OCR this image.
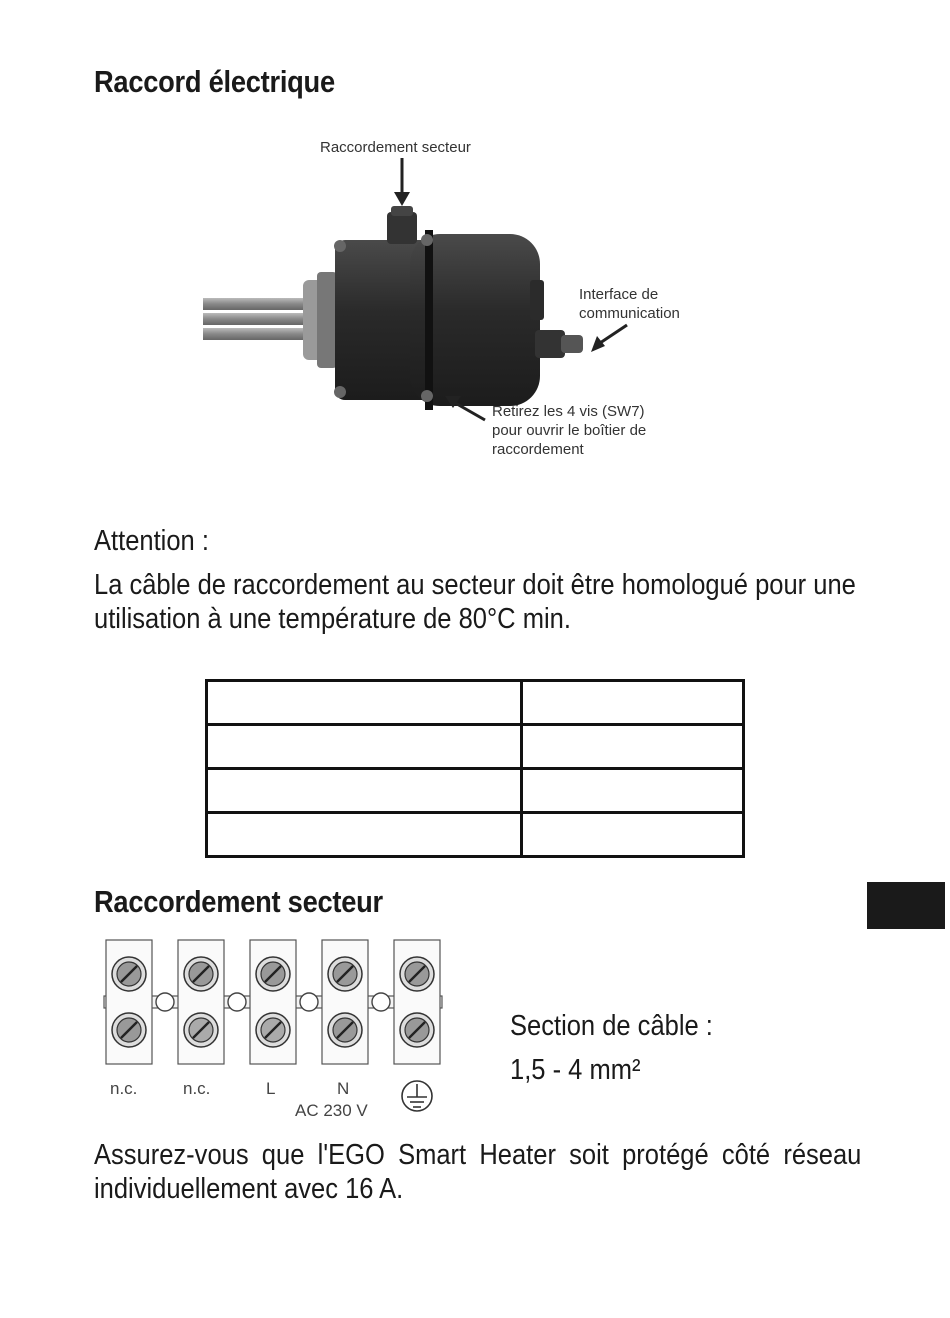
Raccord électrique
Raccordement secteur
Interface de
communication
Retirez les 4 vis (SW7)
pour ouvrir le boîtier de
raccordement

Attention :

La câble de raccordement au secteur doit être homologué pour une utilisation à une température de 80°C min.

Raccordement secteur
n.c.	n.c.	L	N
AC 230 V
Section de câble :
1,5 - 4 mm²

Assurez-vous que l'EGO Smart Heater soit protégé côté réseau individuellement avec 16 A.
